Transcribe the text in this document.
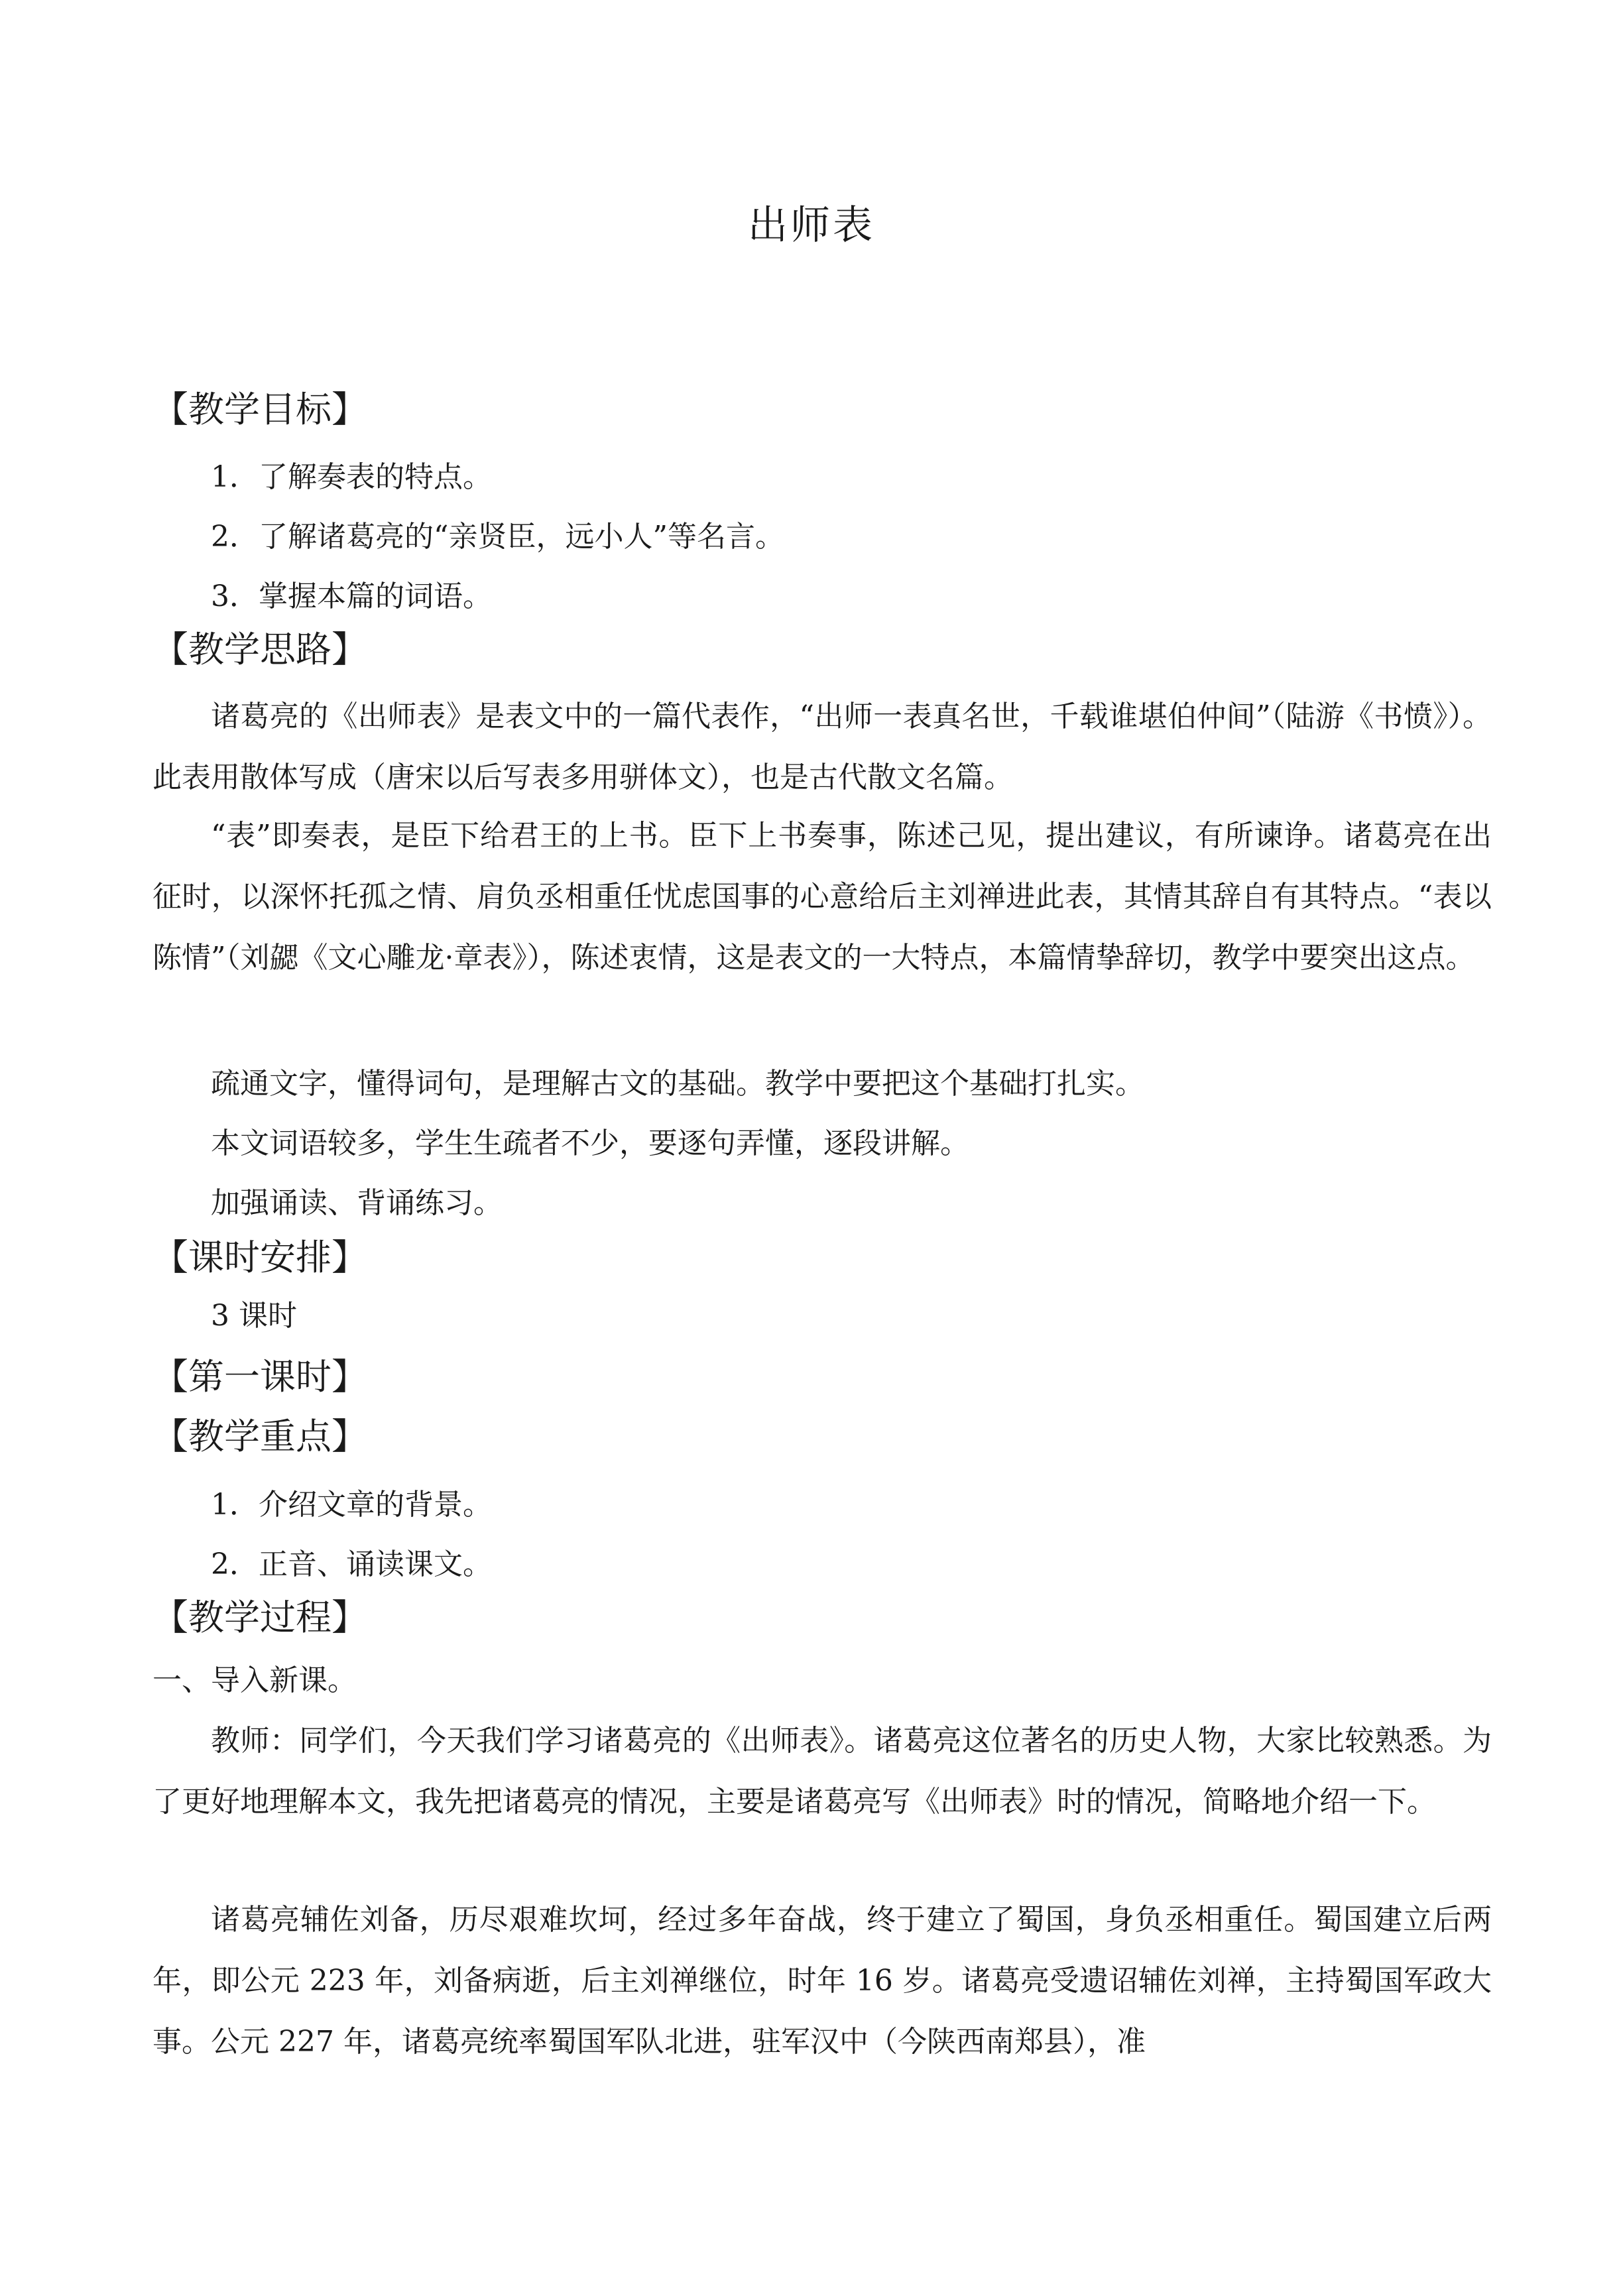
出师表
【教学目标】
1．了解奏表的特点。
2．了解诸葛亮的“亲贤臣，远小人”等名言。
3．掌握本篇的词语。
【教学思路】
诸葛亮的《出师表》是表文中的一篇代表作，“出师一表真名世，千载谁堪伯仲间”（陆游《书愤》）。此表用散体写成（唐宋以后写表多用骈体文），也是古代散文名篇。
“表”即奏表，是臣下给君王的上书。臣下上书奏事，陈述己见，提出建议，有所谏诤。诸葛亮在出征时，以深怀托孤之情、肩负丞相重任忧虑国事的心意给后主刘禅进此表，其情其辞自有其特点。“表以陈情”（刘勰《文心雕龙·章表》），陈述衷情，这是表文的一大特点，本篇情挚辞切，教学中要突出这点。
疏通文字，懂得词句，是理解古文的基础。教学中要把这个基础打扎实。
本文词语较多，学生生疏者不少，要逐句弄懂，逐段讲解。
加强诵读、背诵练习。
【课时安排】
3 课时
【第一课时】
【教学重点】
1．介绍文章的背景。
2．正音、诵读课文。
【教学过程】
一、导入新课。
教师：同学们，今天我们学习诸葛亮的《出师表》。诸葛亮这位著名的历史人物，大家比较熟悉。为了更好地理解本文，我先把诸葛亮的情况，主要是诸葛亮写《出师表》时的情况，简略地介绍一下。
诸葛亮辅佐刘备，历尽艰难坎坷，经过多年奋战，终于建立了蜀国，身负丞相重任。蜀国建立后两年，即公元 223 年，刘备病逝，后主刘禅继位，时年 16 岁。诸葛亮受遗诏辅佐刘禅，主持蜀国军政大事。公元 227 年，诸葛亮统率蜀国军队北进，驻军汉中（今陕西南郑县），准
